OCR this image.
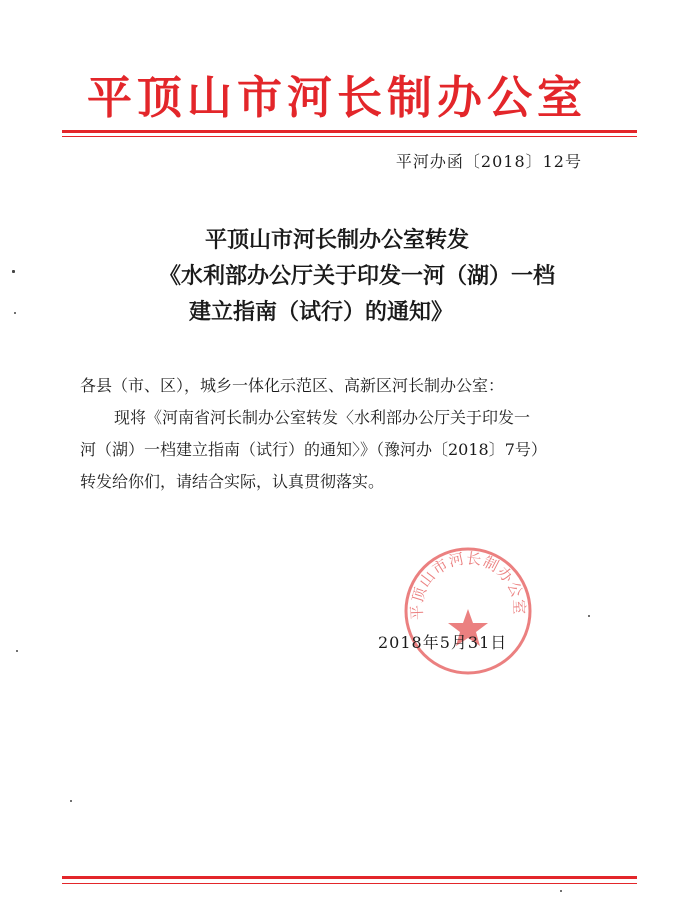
平顶山市河长制办公室
平河办函〔2018〕12号
平顶山市河长制办公室转发
《水利部办公厅关于印发一河（湖）一档
建立指南（试行）的通知》

各县（市、区），城乡一体化示范区、高新区河长制办公室：

现将《河南省河长制办公室转发〈水利部办公厅关于印发一

河（湖）一档建立指南（试行）的通知〉》（豫河办〔2018〕7号）

转发给你们，请结合实际，认真贯彻落实。

平顶山市河长制办公室
2018年5月31日
